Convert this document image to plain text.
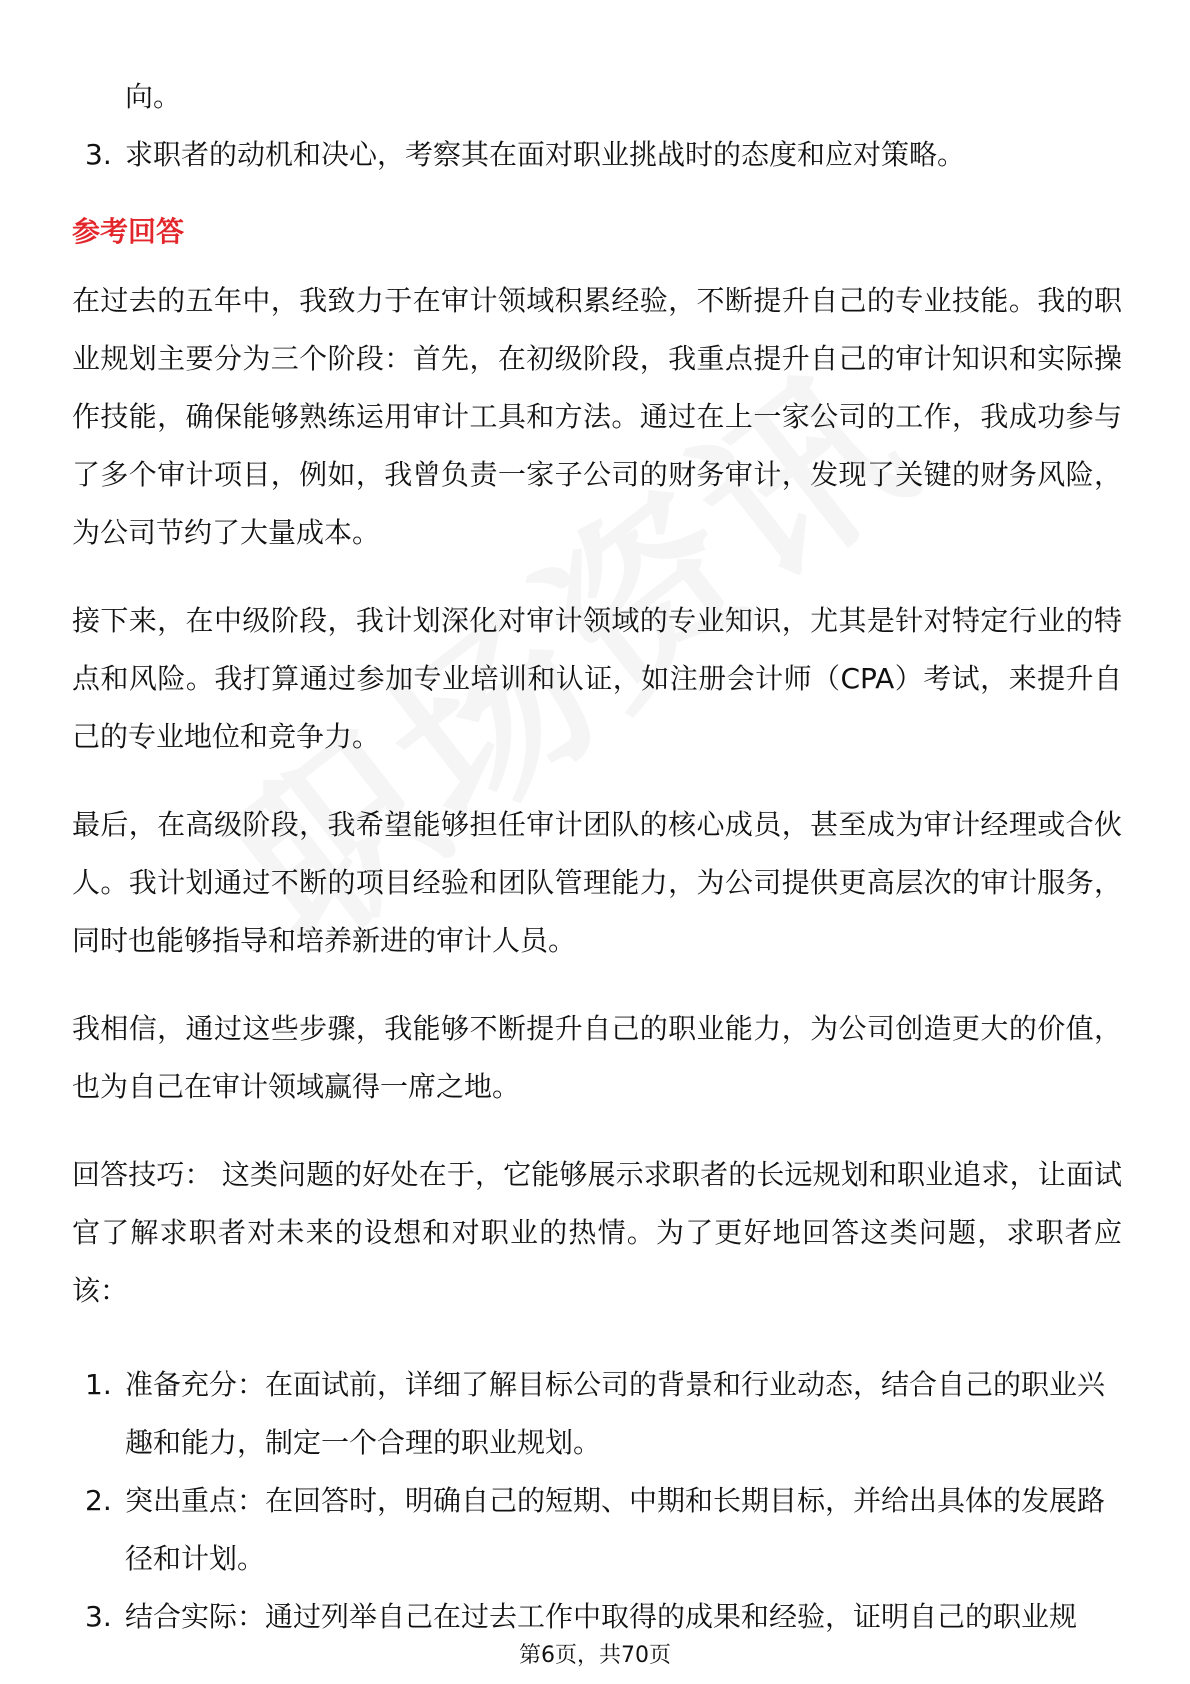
向。

3. 求职者的动机和决心，考察其在面对职业挑战时的态度和应对策略。
参考回答

在过去的五年中，我致力于在审计领域积累经验，不断提升自己的专业技能。我的职业规划主要分为三个阶段：首先，在初级阶段，我重点提升自己的审计知识和实际操作技能，确保能够熟练运用审计工具和方法。通过在上一家公司的工作，我成功参与了多个审计项目，例如，我曾负责一家子公司的财务审计，发现了关键的财务风险，为公司节约了大量成本。

接下来，在中级阶段，我计划深化对审计领域的专业知识，尤其是针对特定行业的特点和风险。我打算通过参加专业培训和认证，如注册会计师（CPA）考试，来提升自己的专业地位和竞争力。

最后，在高级阶段，我希望能够担任审计团队的核心成员，甚至成为审计经理或合伙人。我计划通过不断的项目经验和团队管理能力，为公司提供更高层次的审计服务，同时也能够指导和培养新进的审计人员。

我相信，通过这些步骤，我能够不断提升自己的职业能力，为公司创造更大的价值，也为自己在审计领域赢得一席之地。

回答技巧： 这类问题的好处在于，它能够展示求职者的长远规划和职业追求，让面试官了解求职者对未来的设想和对职业的热情。为了更好地回答这类问题，求职者应该：

1. 准备充分：在面试前，详细了解目标公司的背景和行业动态，结合自己的职业兴趣和能力，制定一个合理的职业规划。
2. 突出重点：在回答时，明确自己的短期、中期和长期目标，并给出具体的发展路径和计划。
3. 结合实际：通过列举自己在过去工作中取得的成果和经验，证明自己的职业规
第6页，共70页
